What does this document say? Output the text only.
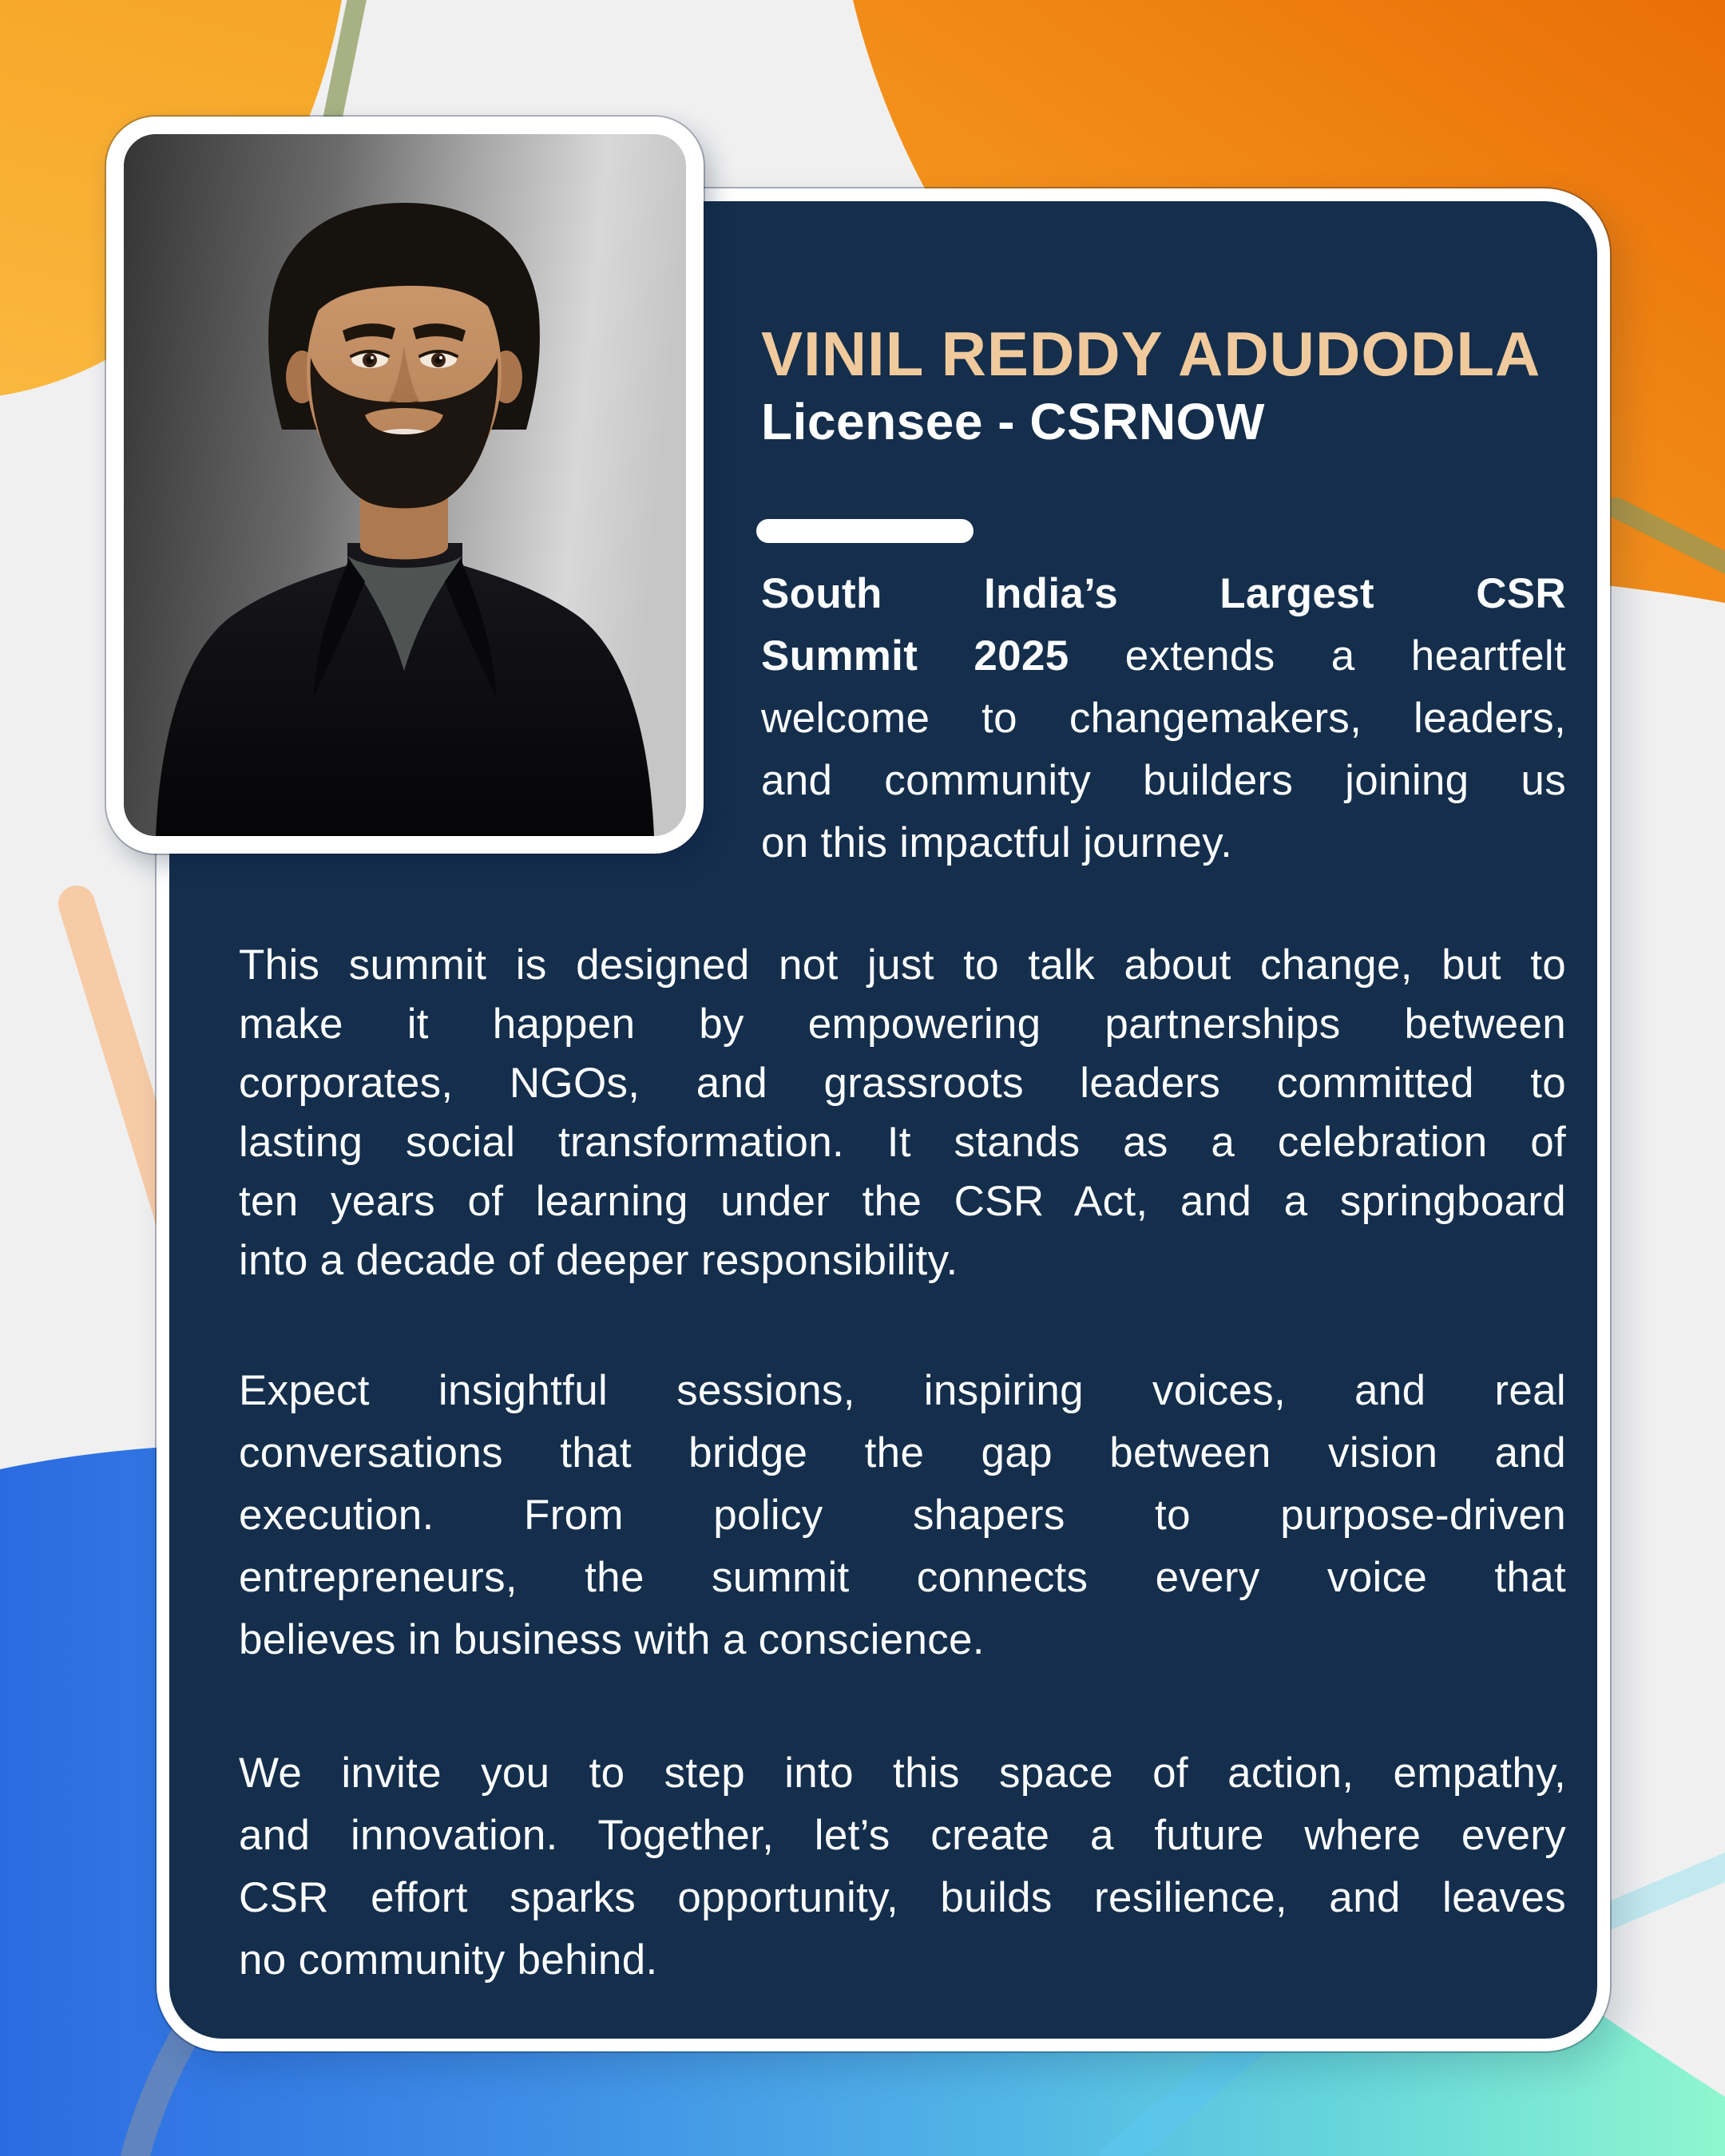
VINIL REDDY ADUDODLA
Licensee - CSRNOW
South India’s Largest CSR
Summit 2025 extends a heartfelt
welcome to changemakers, leaders,
and community builders joining us
on this impactful journey.
This summit is designed not just to talk about change, but to
make it happen by empowering partnerships between
corporates, NGOs, and grassroots leaders committed to
lasting social transformation. It stands as a celebration of
ten years of learning under the CSR Act, and a springboard
into a decade of deeper responsibility.
Expect insightful sessions, inspiring voices, and real
conversations that bridge the gap between vision and
execution. From policy shapers to purpose-driven
entrepreneurs, the summit connects every voice that
believes in business with a conscience.
We invite you to step into this space of action, empathy,
and innovation. Together, let’s create a future where every
CSR effort sparks opportunity, builds resilience, and leaves
no community behind.
